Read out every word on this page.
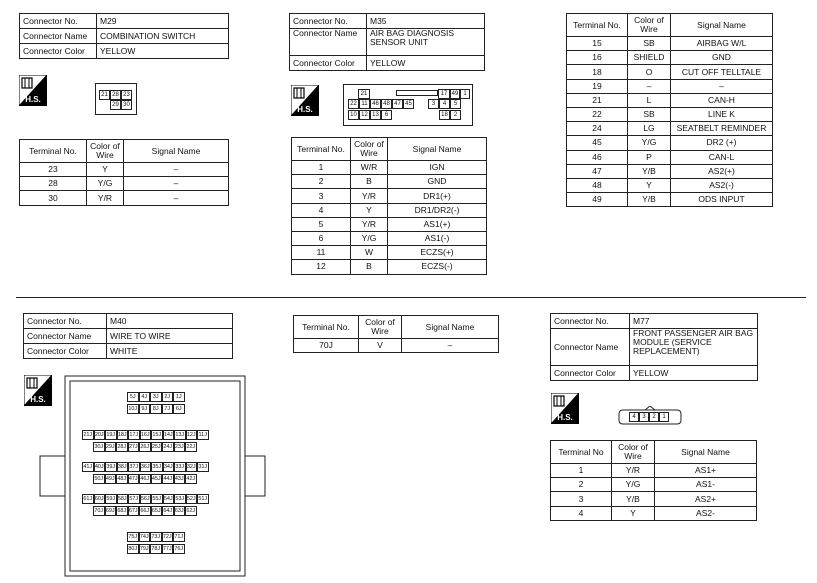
Connector No.	M29
Connector Name	COMBINATION SWITCH
Connector Color	YELLOW
H.S.	21 28 23
29 30
Terminal No.	Color of Wire	Signal Name
23	Y	–
28	Y/G	–
30	Y/R	–
Connector No.	M35
Connector Name	AIR BAG DIAGNOSIS SENSOR UNIT
Connector Color	YELLOW
H.S.
21	17 49 1
22 11 46 48 47 45	3	4	5
10 12 13 6	18 2
Terminal No.	Color of Wire	Signal Name
1	W/R	IGN
2	B	GND
3	Y/R	DR1(+)
4	Y	DR1/DR2(-)
5	Y/R	AS1(+)
6	Y/G	AS1(-)
11	W	ECZS(+)
12	B	ECZS(-)
Terminal No.	Color of Wire	Signal Name
15	SB	AIRBAG W/L
16	SHIELD	GND
18	O	CUT OFF TELLTALE
19	–	–
21	L	CAN-H
22	SB	LINE K
24	LG	SEATBELT REMINDER
45	Y/G	DR2 (+)
46	P	CAN-L
47	Y/B	AS2(+)
48	Y	AS2(-)
49	Y/B	ODS INPUT
Connector No.	M40
Connector Name	WIRE TO WIRE
Connector Color	WHITE
H.S.	5J	4J	3J	2J	1J
10J 9J	8J	7J	6J
21J 20J 19J 18J 17J 16J 15J 14J 13J 12J 11J
30J 29J 28J 27J 26J 25J 24J 23J 22J
41J 40J 39J 38J 37J 36J 35J 34J 33J 32J 31J
50J 49J 48J 47J 46J 45J 44J 43J 42J
61J 60J 59J 58J 57J 56J 55J 54J 53J 52J 51J
70J 69J 68J 67J 66J 65J 64J 63J 62J
75J 74J 73J 72J 71J
80J 79J 78J 77J 76J
Terminal No.	Color of Wire	Signal Name
70J	V	–
Connector No.	M77
Connector Name	FRONT PASSENGER AIR BAG MODULE (SERVICE REPLACEMENT)
Connector Color	YELLOW
H.S.	4	3	2	1
Terminal No	Color of Wire	Signal Name
1	Y/R	AS1+
2	Y/G	AS1-
3	Y/B	AS2+
4	Y	AS2-
